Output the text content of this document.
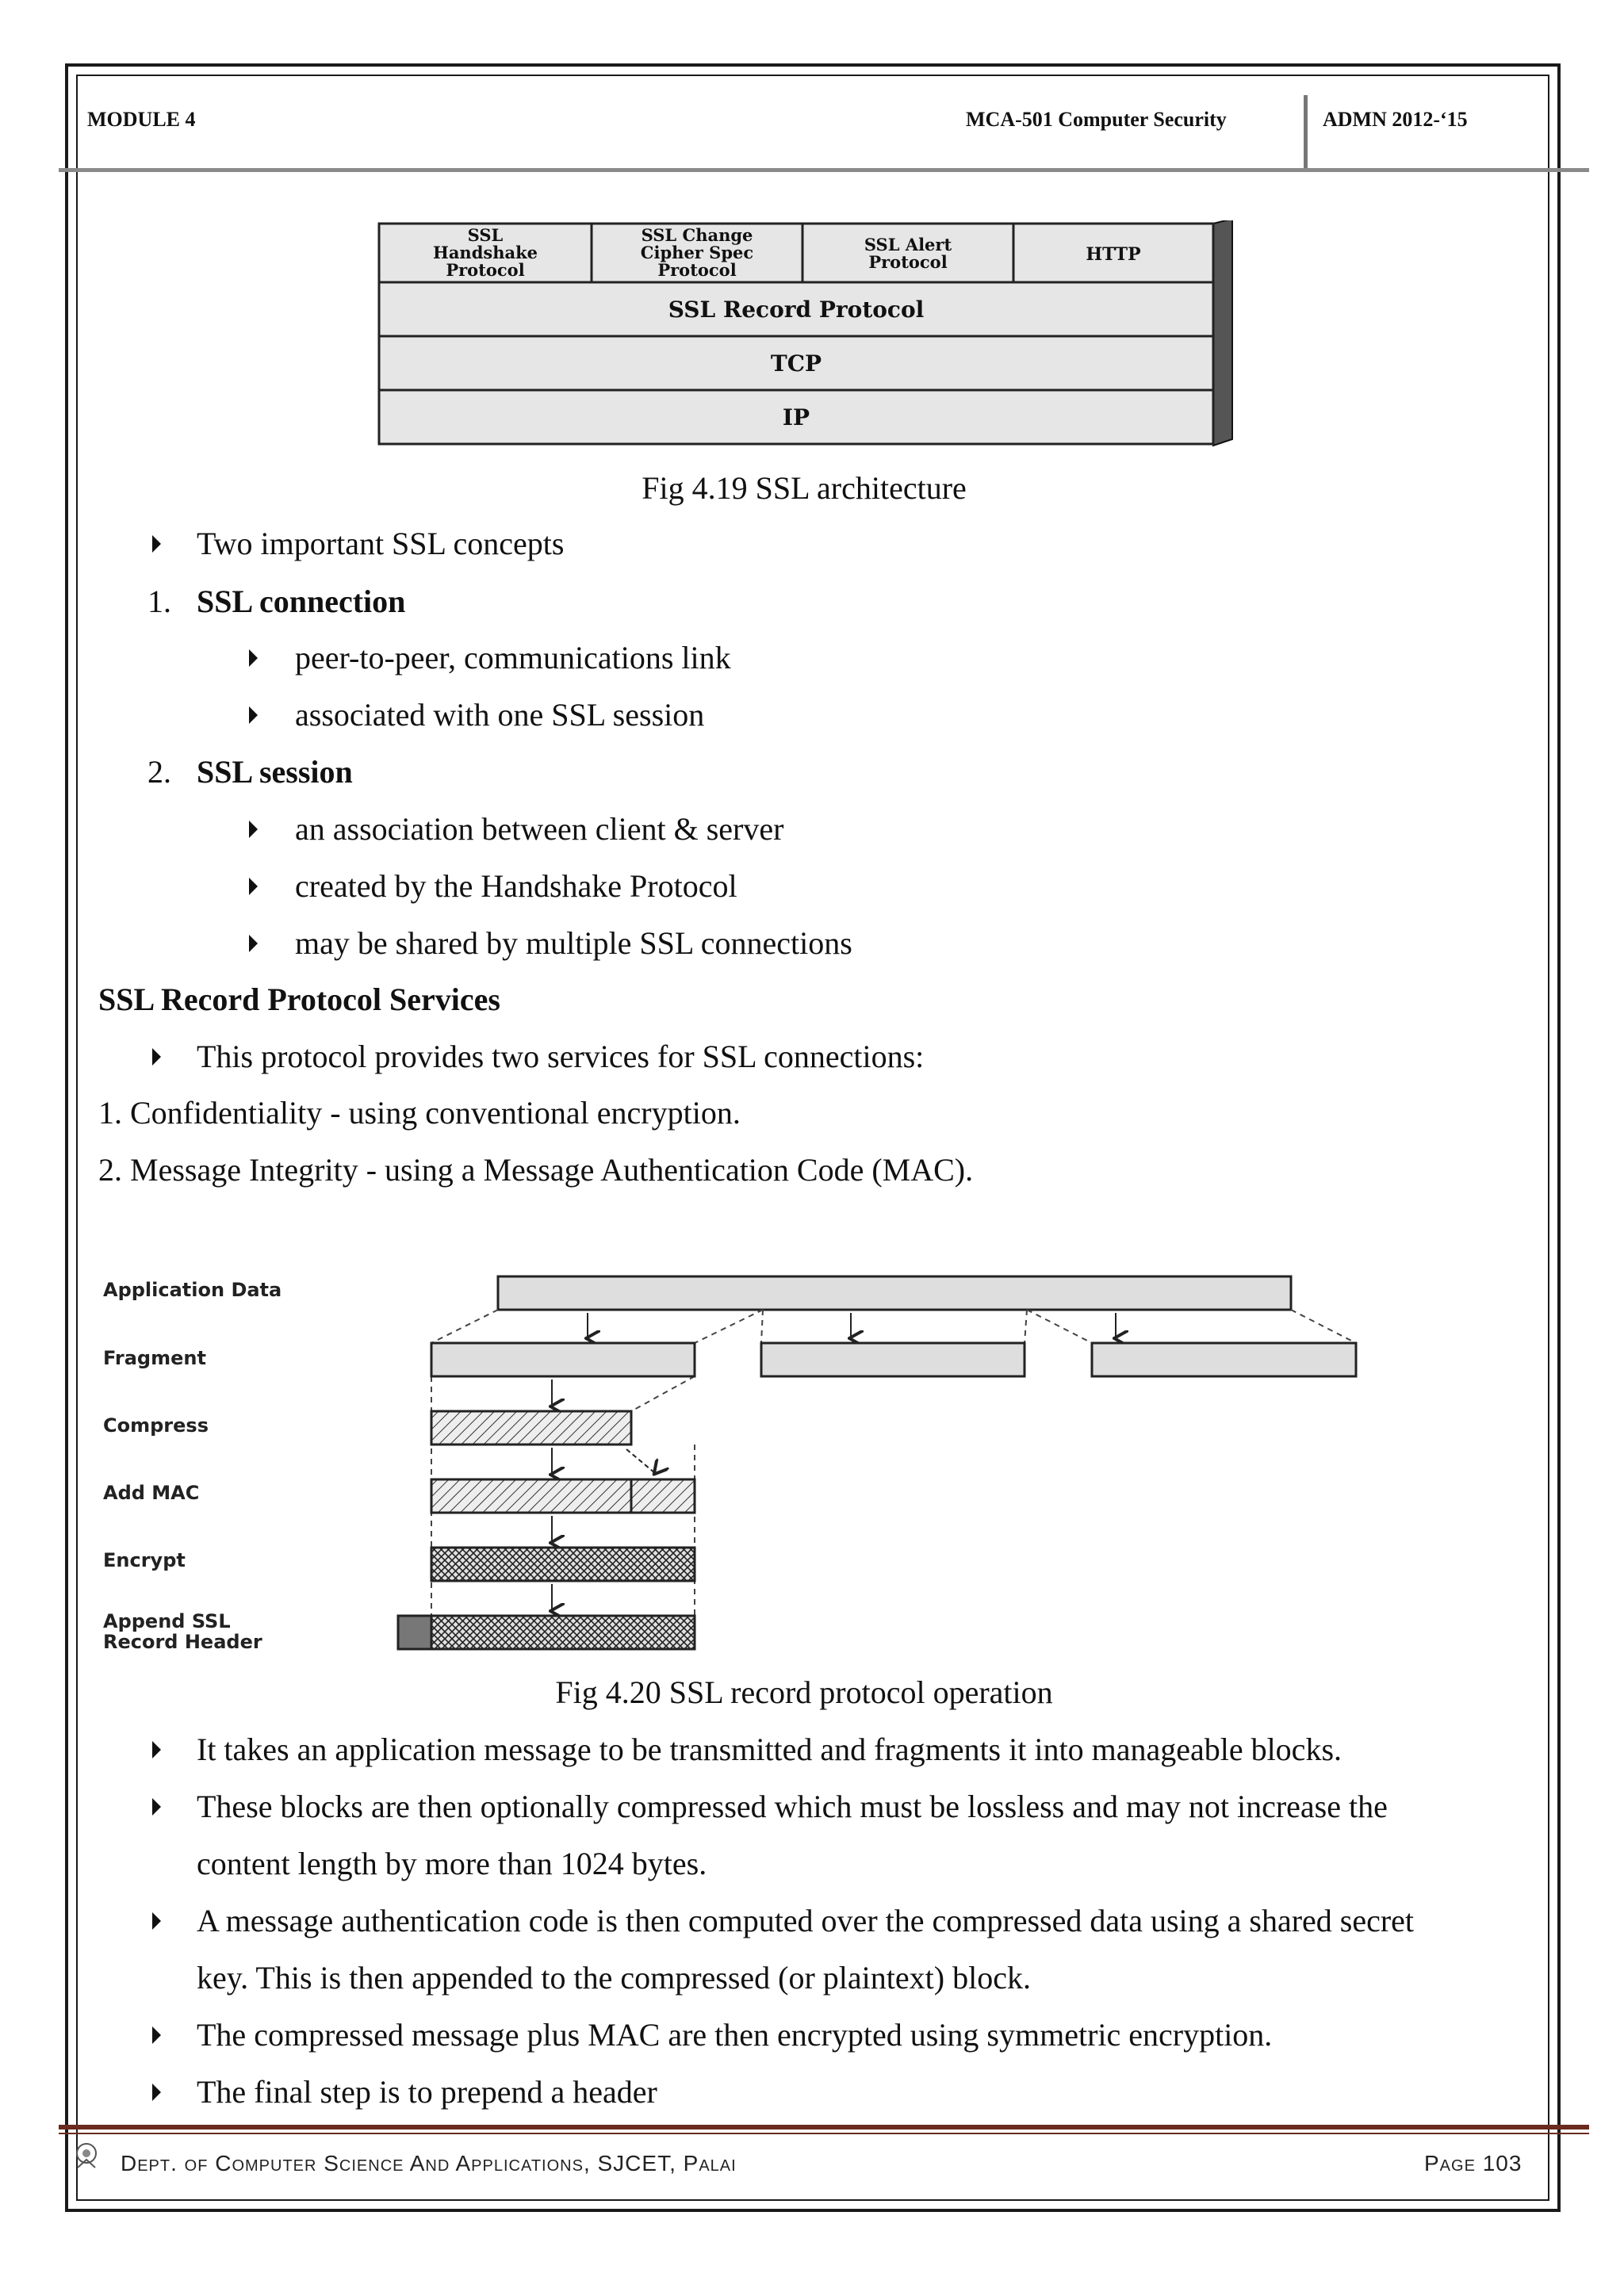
MODULE 4	MCA-501 Computer Security	ADMN 2012-‘15
SSL
Handshake
Protocol
SSL Change
Cipher Spec
Protocol
SSL Alert
Protocol	HTTP
SSL Record Protocol
TCP
IP
Fig 4.19 SSL architecture
Two important SSL concepts
1. SSL connection
peer-to-peer, communications link
associated with one SSL session
2. SSL session
an association between client & server
created by the Handshake Protocol
may be shared by multiple SSL connections
SSL Record Protocol Services
This protocol provides two services for SSL connections:
1. Confidentiality - using conventional encryption.
2. Message Integrity - using a Message Authentication Code (MAC).
Application Data
Fragment
Compress
Add MAC
Encrypt
Append SSL
Record Header
Fig 4.20 SSL record protocol operation
It takes an application message to be transmitted and fragments it into manageable blocks.
These blocks are then optionally compressed which must be lossless and may not increase the
content length by more than 1024 bytes.
A message authentication code is then computed over the compressed data using a shared secret
key. This is then appended to the compressed (or plaintext) block.
The compressed message plus MAC are then encrypted using symmetric encryption.
The final step is to prepend a header
Dept. of Computer Science And Applications, SJCET, Palai	Page 103
